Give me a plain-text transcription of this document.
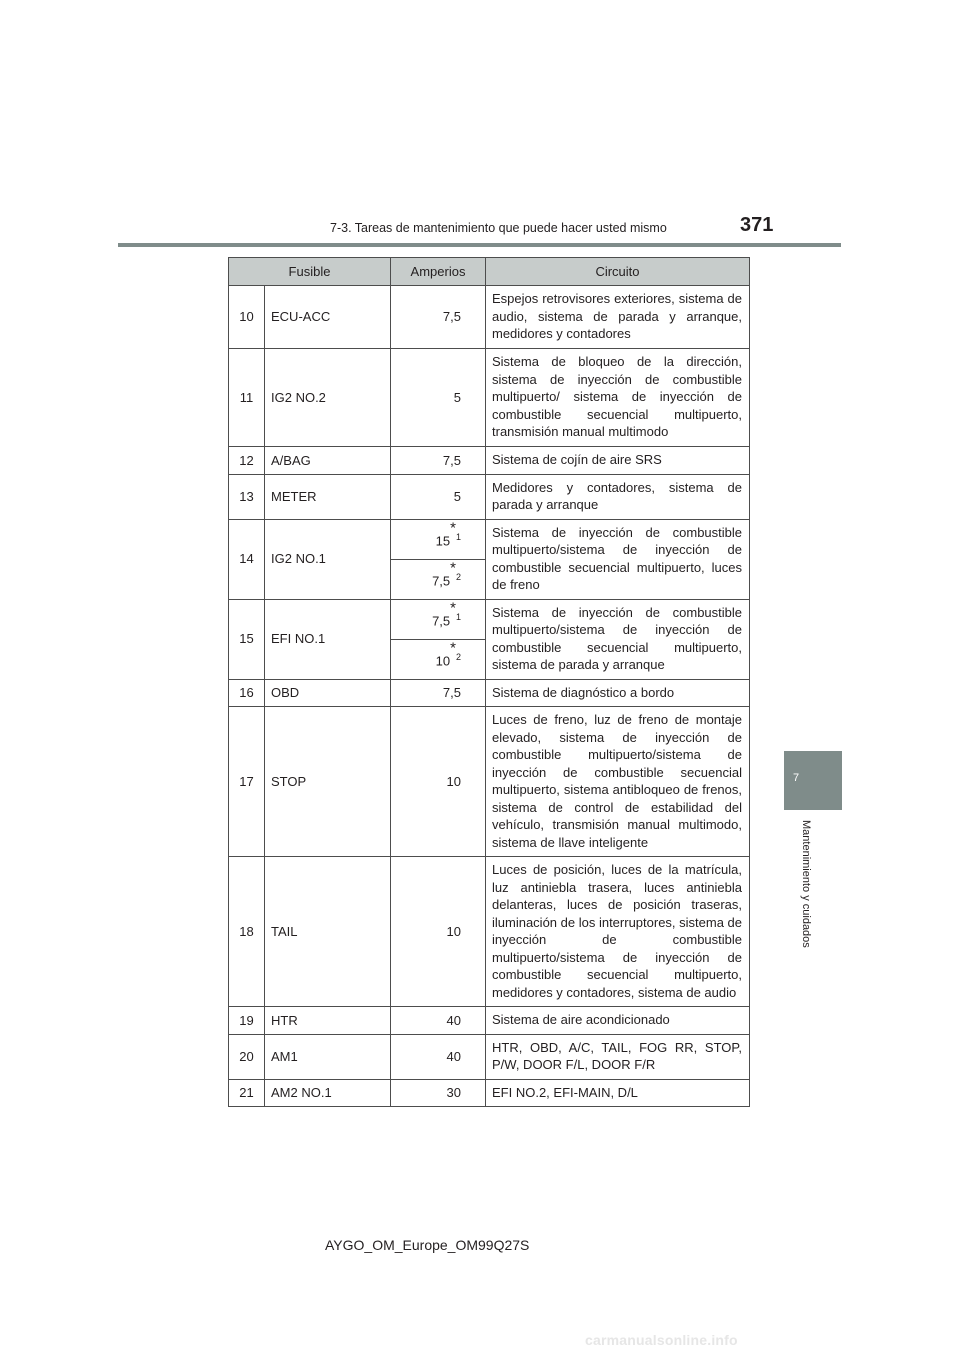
7-3. Tareas de mantenimiento que puede hacer usted mismo	371
7
Mantenimiento y cuidados
Fusible		Amperios	Circuito
10	ECU-ACC	7,5	Espejos retrovisores exteriores, sistema de audio, sistema de parada y arranque, medidores y contadores
11	IG2 NO.2	5	Sistema de bloqueo de la dirección, sistema de inyección de combustible multipuerto/ sistema de inyección de combustible secuencial multipuerto, transmisión manual multimodo
12	A/BAG	7,5	Sistema de cojín de aire SRS
13	METER	5	Medidores y contadores, sistema de parada y arranque
14	IG2 NO.1	15$^{*1}$	Sistema de inyección de combustible multipuerto/sistema de inyección de combustible secuencial multipuerto, luces de freno
		7,5$^{*2}$
15	EFI NO.1	7,5$^{*1}$	Sistema de inyección de combustible multipuerto/sistema de inyección de combustible secuencial multipuerto, sistema de parada y arranque
		10$^{*2}$
16	OBD	7,5	Sistema de diagnóstico a bordo
17	STOP	10	Luces de freno, luz de freno de montaje elevado, sistema de inyección de combustible multipuerto/sistema de inyección de combustible secuencial multipuerto, sistema antibloqueo de frenos, sistema de control de estabilidad del vehículo, transmisión manual multimodo, sistema de llave inteligente
18	TAIL	10	Luces de posición, luces de la matrícula, luz antiniebla trasera, luces antiniebla delanteras, luces de posición traseras, iluminación de los interruptores, sistema de inyección de combustible multipuerto/sistema de inyección de combustible secuencial multipuerto, medidores y contadores, sistema de audio
19	HTR	40	Sistema de aire acondicionado
20	AM1	40	HTR, OBD, A/C, TAIL, FOG RR, STOP, P/W, DOOR F/L, DOOR F/R
21	AM2 NO.1	30	EFI NO.2, EFI-MAIN, D/L
AYGO_OM_Europe_OM99Q27S
carmanualsonline.info
